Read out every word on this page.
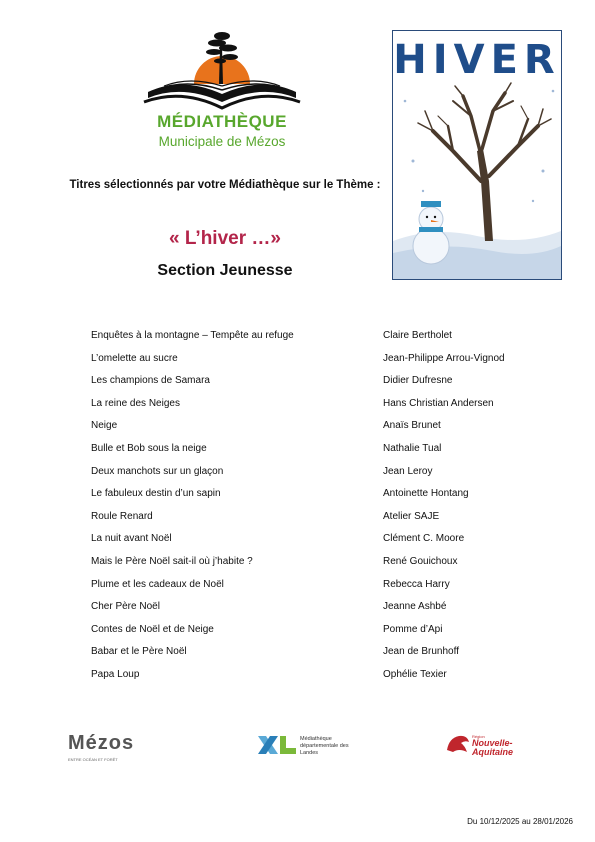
MÉDIATHÈQUE
Municipale de Mézos
HIVER
Titres sélectionnés par votre Médiathèque sur le Thème :
« L’hiver …»
Section Jeunesse
Enquêtes à la montagne – Tempête au refuge	Claire Bertholet
L’omelette au sucre	Jean-Philippe Arrou-Vignod
Les champions de Samara	Didier Dufresne
La reine des Neiges	Hans Christian Andersen
Neige	Anaïs Brunet
Bulle et Bob sous la neige	Nathalie Tual
Deux manchots sur un glaçon	Jean Leroy
Le fabuleux destin d’un sapin	Antoinette Hontang
Roule Renard	Atelier SAJE
La nuit avant Noël	Clément C. Moore
Mais le Père Noël sait-il où j’habite ?	René Gouichoux
Plume et les cadeaux de Noël	Rebecca Harry
Cher Père Noël	Jeanne Ashbé
Contes de Noël et de Neige	Pomme d’Api
Babar et le Père Noël	Jean de Brunhoff
Papa Loup	Ophélie Texier
Mézos
ENTRE OCÉAN ET FORÊT
Médiathèque départementale des Landes
Région
Nouvelle-
Aquitaine
Du 10/12/2025 au 28/01/2026
